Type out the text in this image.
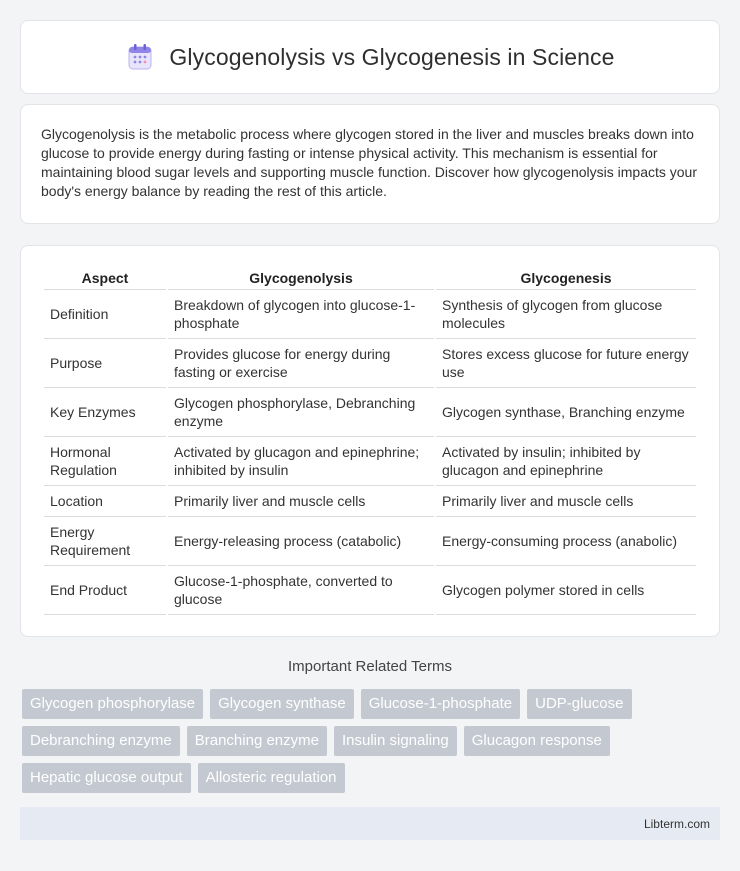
Glycogenolysis vs Glycogenesis in Science

Glycogenolysis is the metabolic process where glycogen stored in the liver and muscles breaks down into glucose to provide energy during fasting or intense physical activity. This mechanism is essential for maintaining blood sugar levels and supporting muscle function. Discover how glycogenolysis impacts your body's energy balance by reading the rest of this article.

Aspect	Glycogenolysis	Glycogenesis
Definition	Breakdown of glycogen into glucose-1-phosphate	Synthesis of glycogen from glucose molecules
Purpose	Provides glucose for energy during fasting or exercise	Stores excess glucose for future energy use
Key Enzymes	Glycogen phosphorylase, Debranching enzyme	Glycogen synthase, Branching enzyme
Hormonal Regulation	Activated by glucagon and epinephrine; inhibited by insulin	Activated by insulin; inhibited by glucagon and epinephrine
Location	Primarily liver and muscle cells	Primarily liver and muscle cells
Energy Requirement	Energy-releasing process (catabolic)	Energy-consuming process (anabolic)
End Product	Glucose-1-phosphate, converted to glucose	Glycogen polymer stored in cells
Important Related Terms
Glycogen phosphorylase	Glycogen synthase	Glucose-1-phosphate	UDP-glucose
Debranching enzyme	Branching enzyme	Insulin signaling	Glucagon response
Hepatic glucose output	Allosteric regulation
Libterm.com
